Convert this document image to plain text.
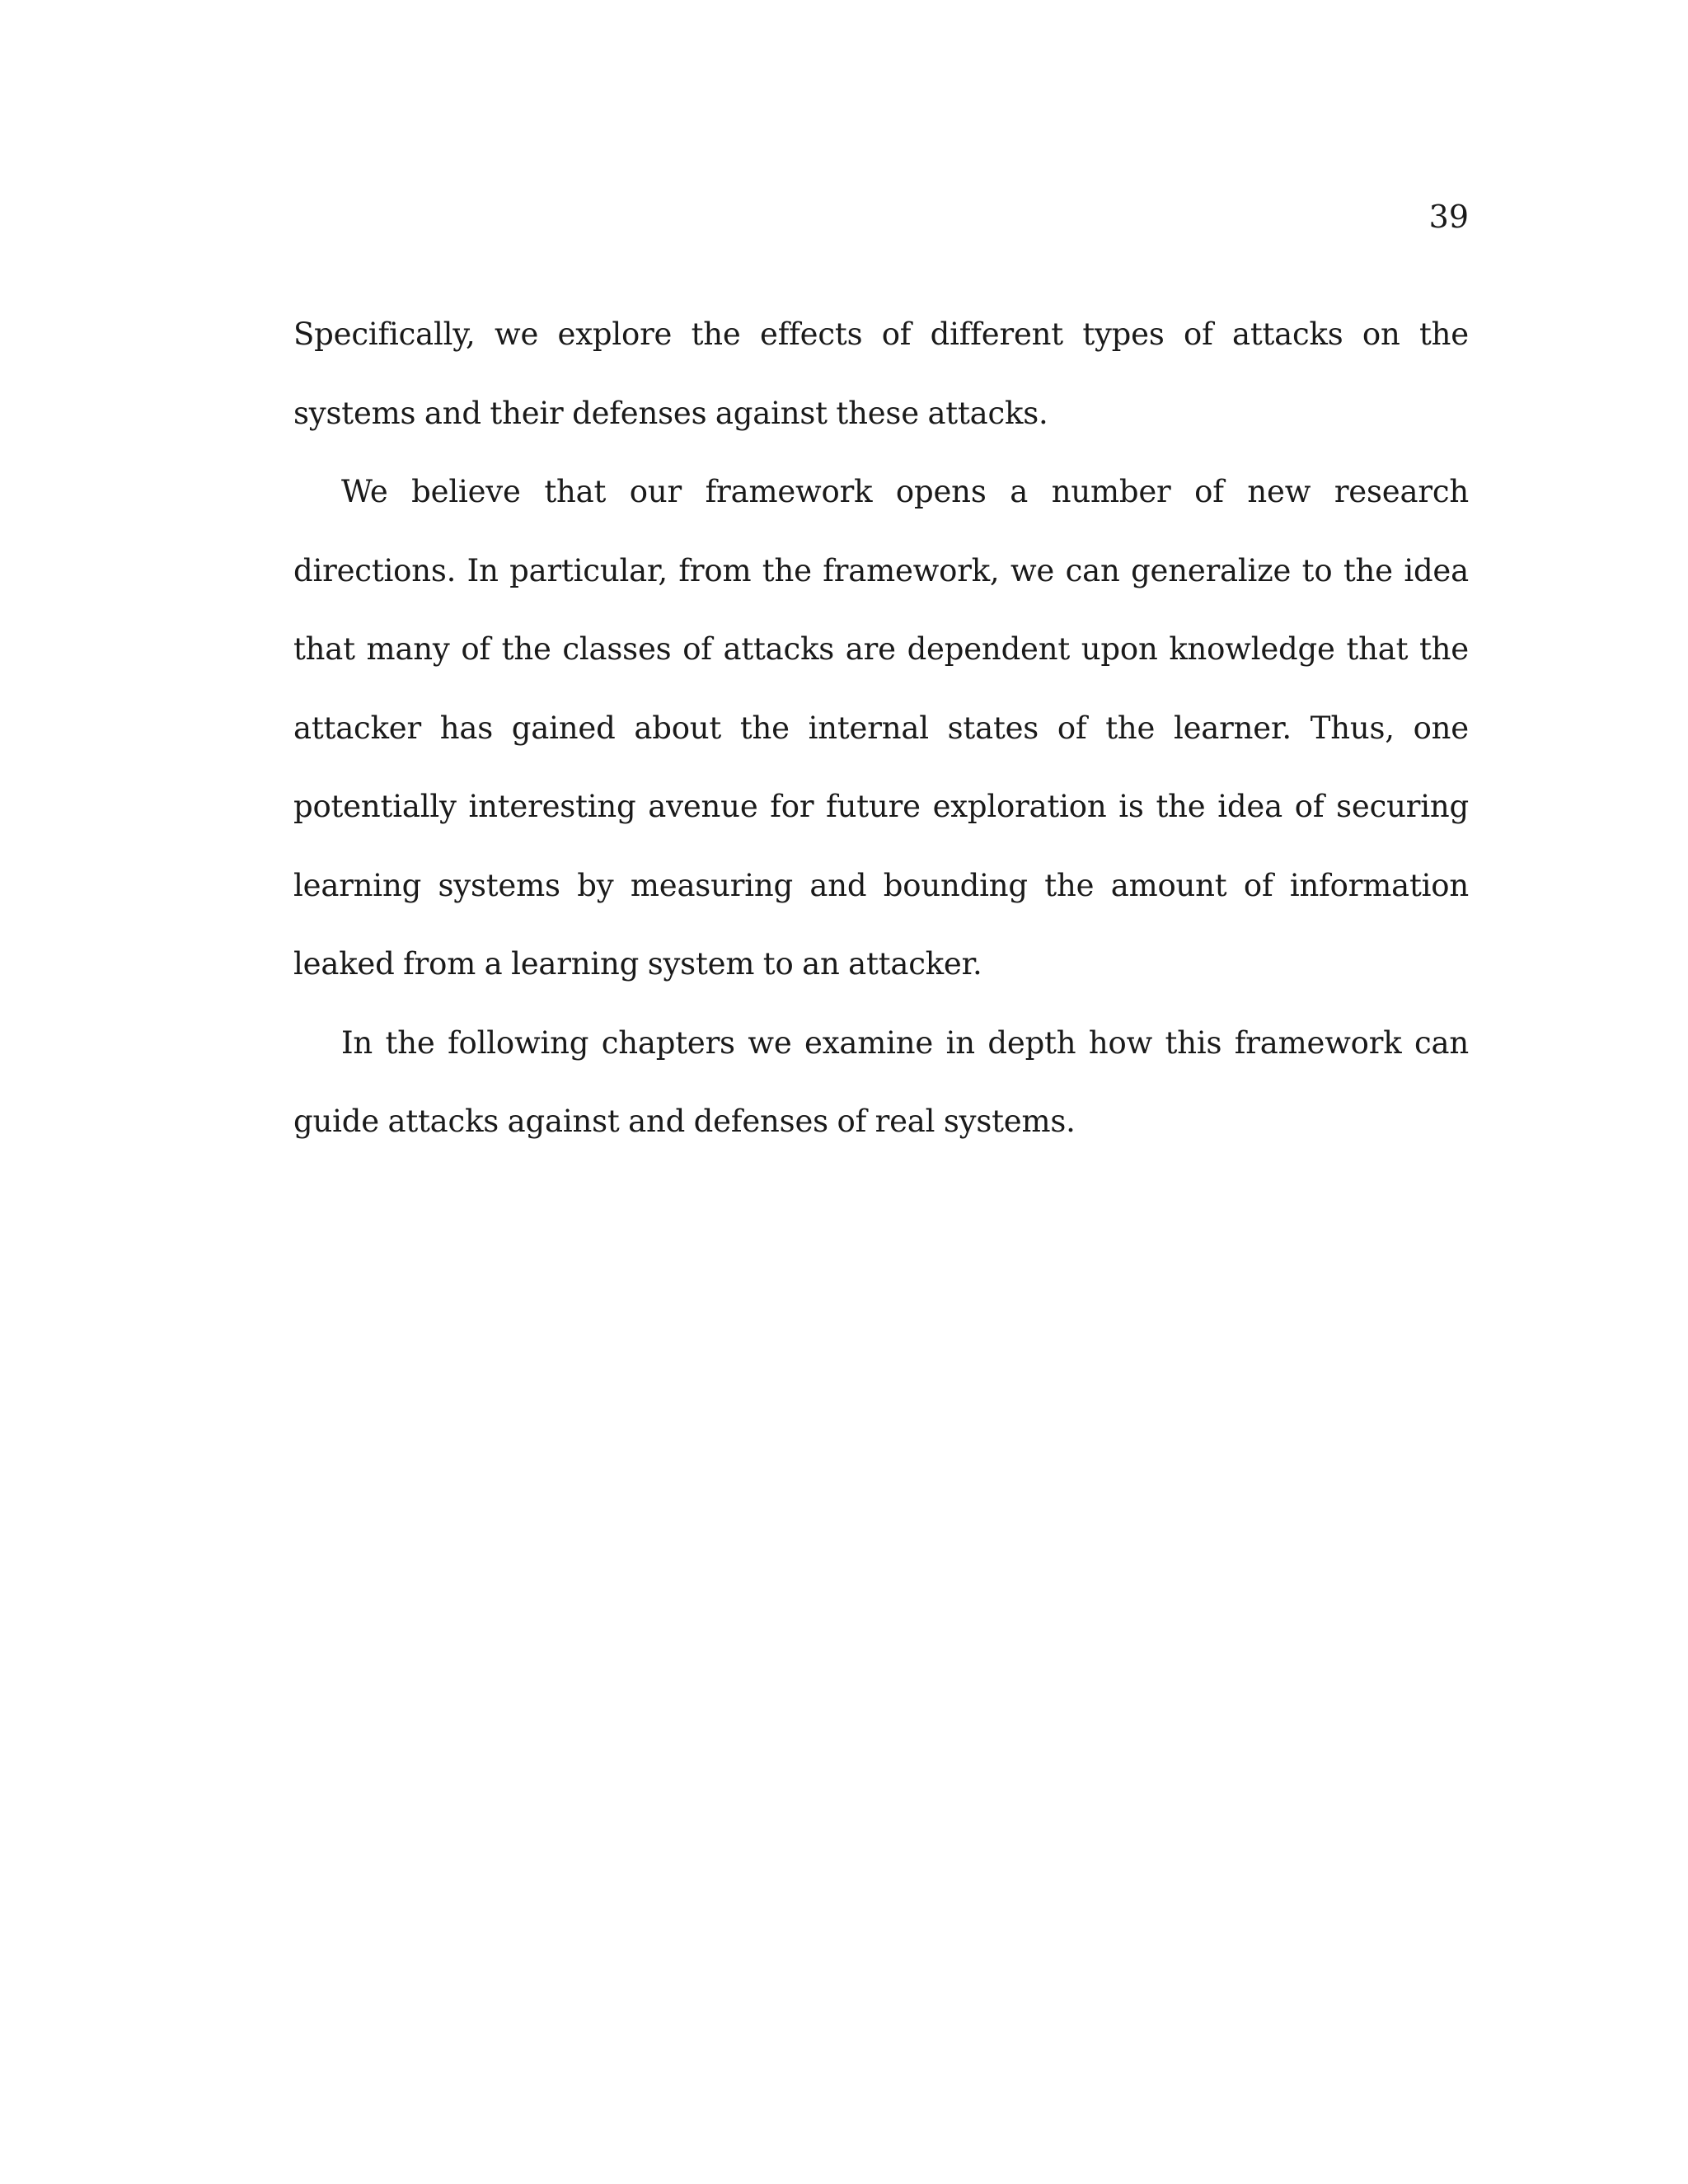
39

Specifically, we explore the effects of different types of attacks on the systems and their defenses against these attacks.

We believe that our framework opens a number of new research directions. In particular, from the framework, we can generalize to the idea that many of the classes of attacks are dependent upon knowledge that the attacker has gained about the internal states of the learner. Thus, one potentially interesting avenue for future exploration is the idea of securing learning systems by measuring and bounding the amount of information leaked from a learning system to an attacker.

In the following chapters we examine in depth how this framework can guide attacks against and defenses of real systems.
